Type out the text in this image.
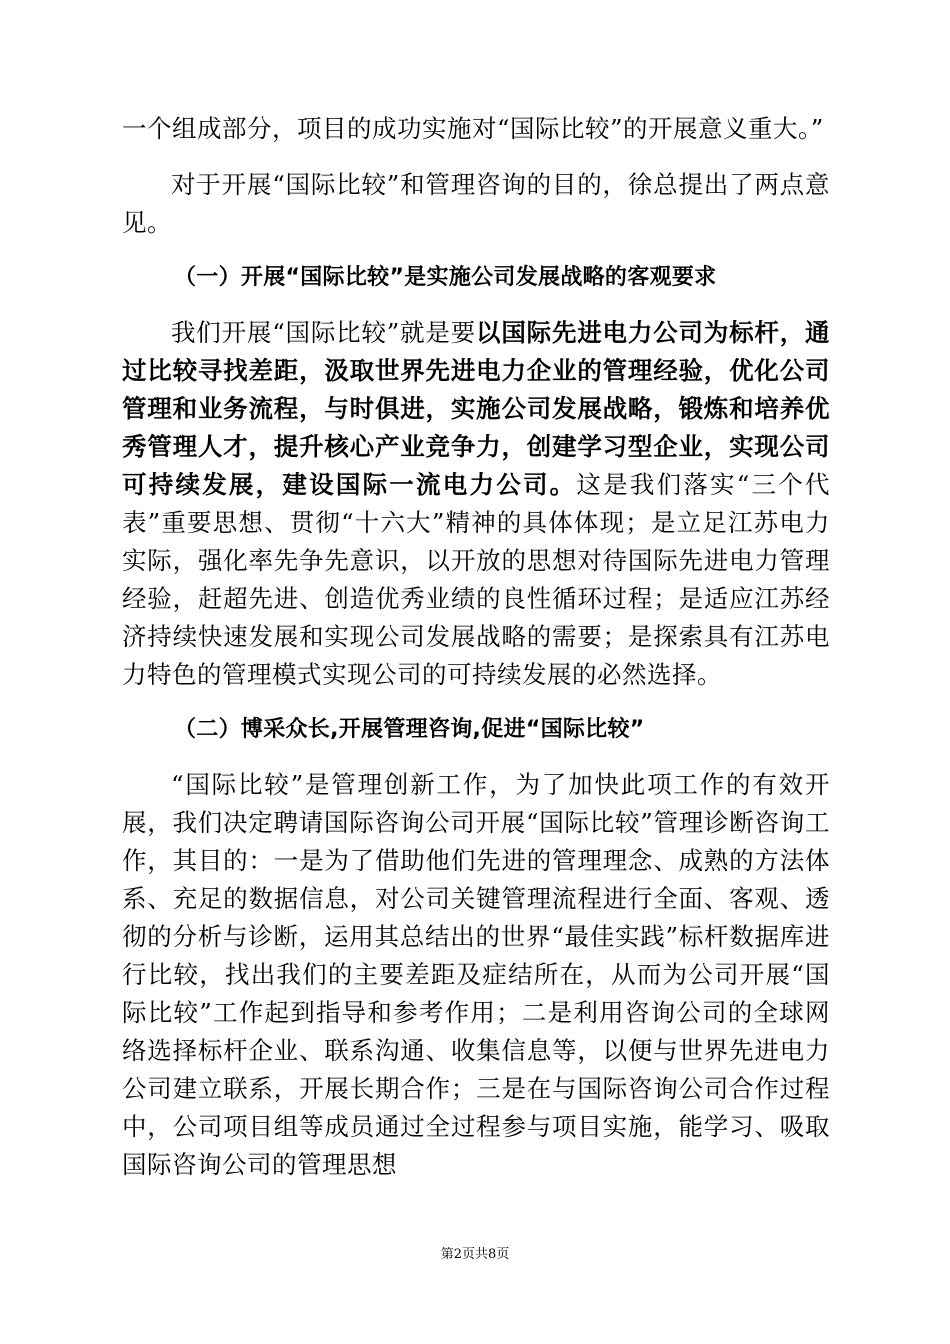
一个组成部分，项目的成功实施对“国际比较”的开展意义重大。”

对于开展“国际比较”和管理咨询的目的，徐总提出了两点意见。

（一）开展“国际比较”是实施公司发展战略的客观要求

我们开展“国际比较”就是要以国际先进电力公司为标杆，通过比较寻找差距，汲取世界先进电力企业的管理经验，优化公司管理和业务流程，与时俱进，实施公司发展战略，锻炼和培养优秀管理人才，提升核心产业竞争力，创建学习型企业，实现公司可持续发展，建设国际一流电力公司。这是我们落实“三个代表”重要思想、贯彻“十六大”精神的具体体现；是立足江苏电力实际，强化率先争先意识，以开放的思想对待国际先进电力管理经验，赶超先进、创造优秀业绩的良性循环过程；是适应江苏经济持续快速发展和实现公司发展战略的需要；是探索具有江苏电力特色的管理模式实现公司的可持续发展的必然选择。

（二）博采众长,开展管理咨询,促进“国际比较”

“国际比较”是管理创新工作，为了加快此项工作的有效开展，我们决定聘请国际咨询公司开展“国际比较”管理诊断咨询工作，其目的：一是为了借助他们先进的管理理念、成熟的方法体系、充足的数据信息，对公司关键管理流程进行全面、客观、透彻的分析与诊断，运用其总结出的世界“最佳实践”标杆数据库进行比较，找出我们的主要差距及症结所在，从而为公司开展“国际比较”工作起到指导和参考作用；二是利用咨询公司的全球网络选择标杆企业、联系沟通、收集信息等，以便与世界先进电力公司建立联系，开展长期合作；三是在与国际咨询公司合作过程中，公司项目组等成员通过全过程参与项目实施，能学习、吸取国际咨询公司的管理思想

第2页共8页
